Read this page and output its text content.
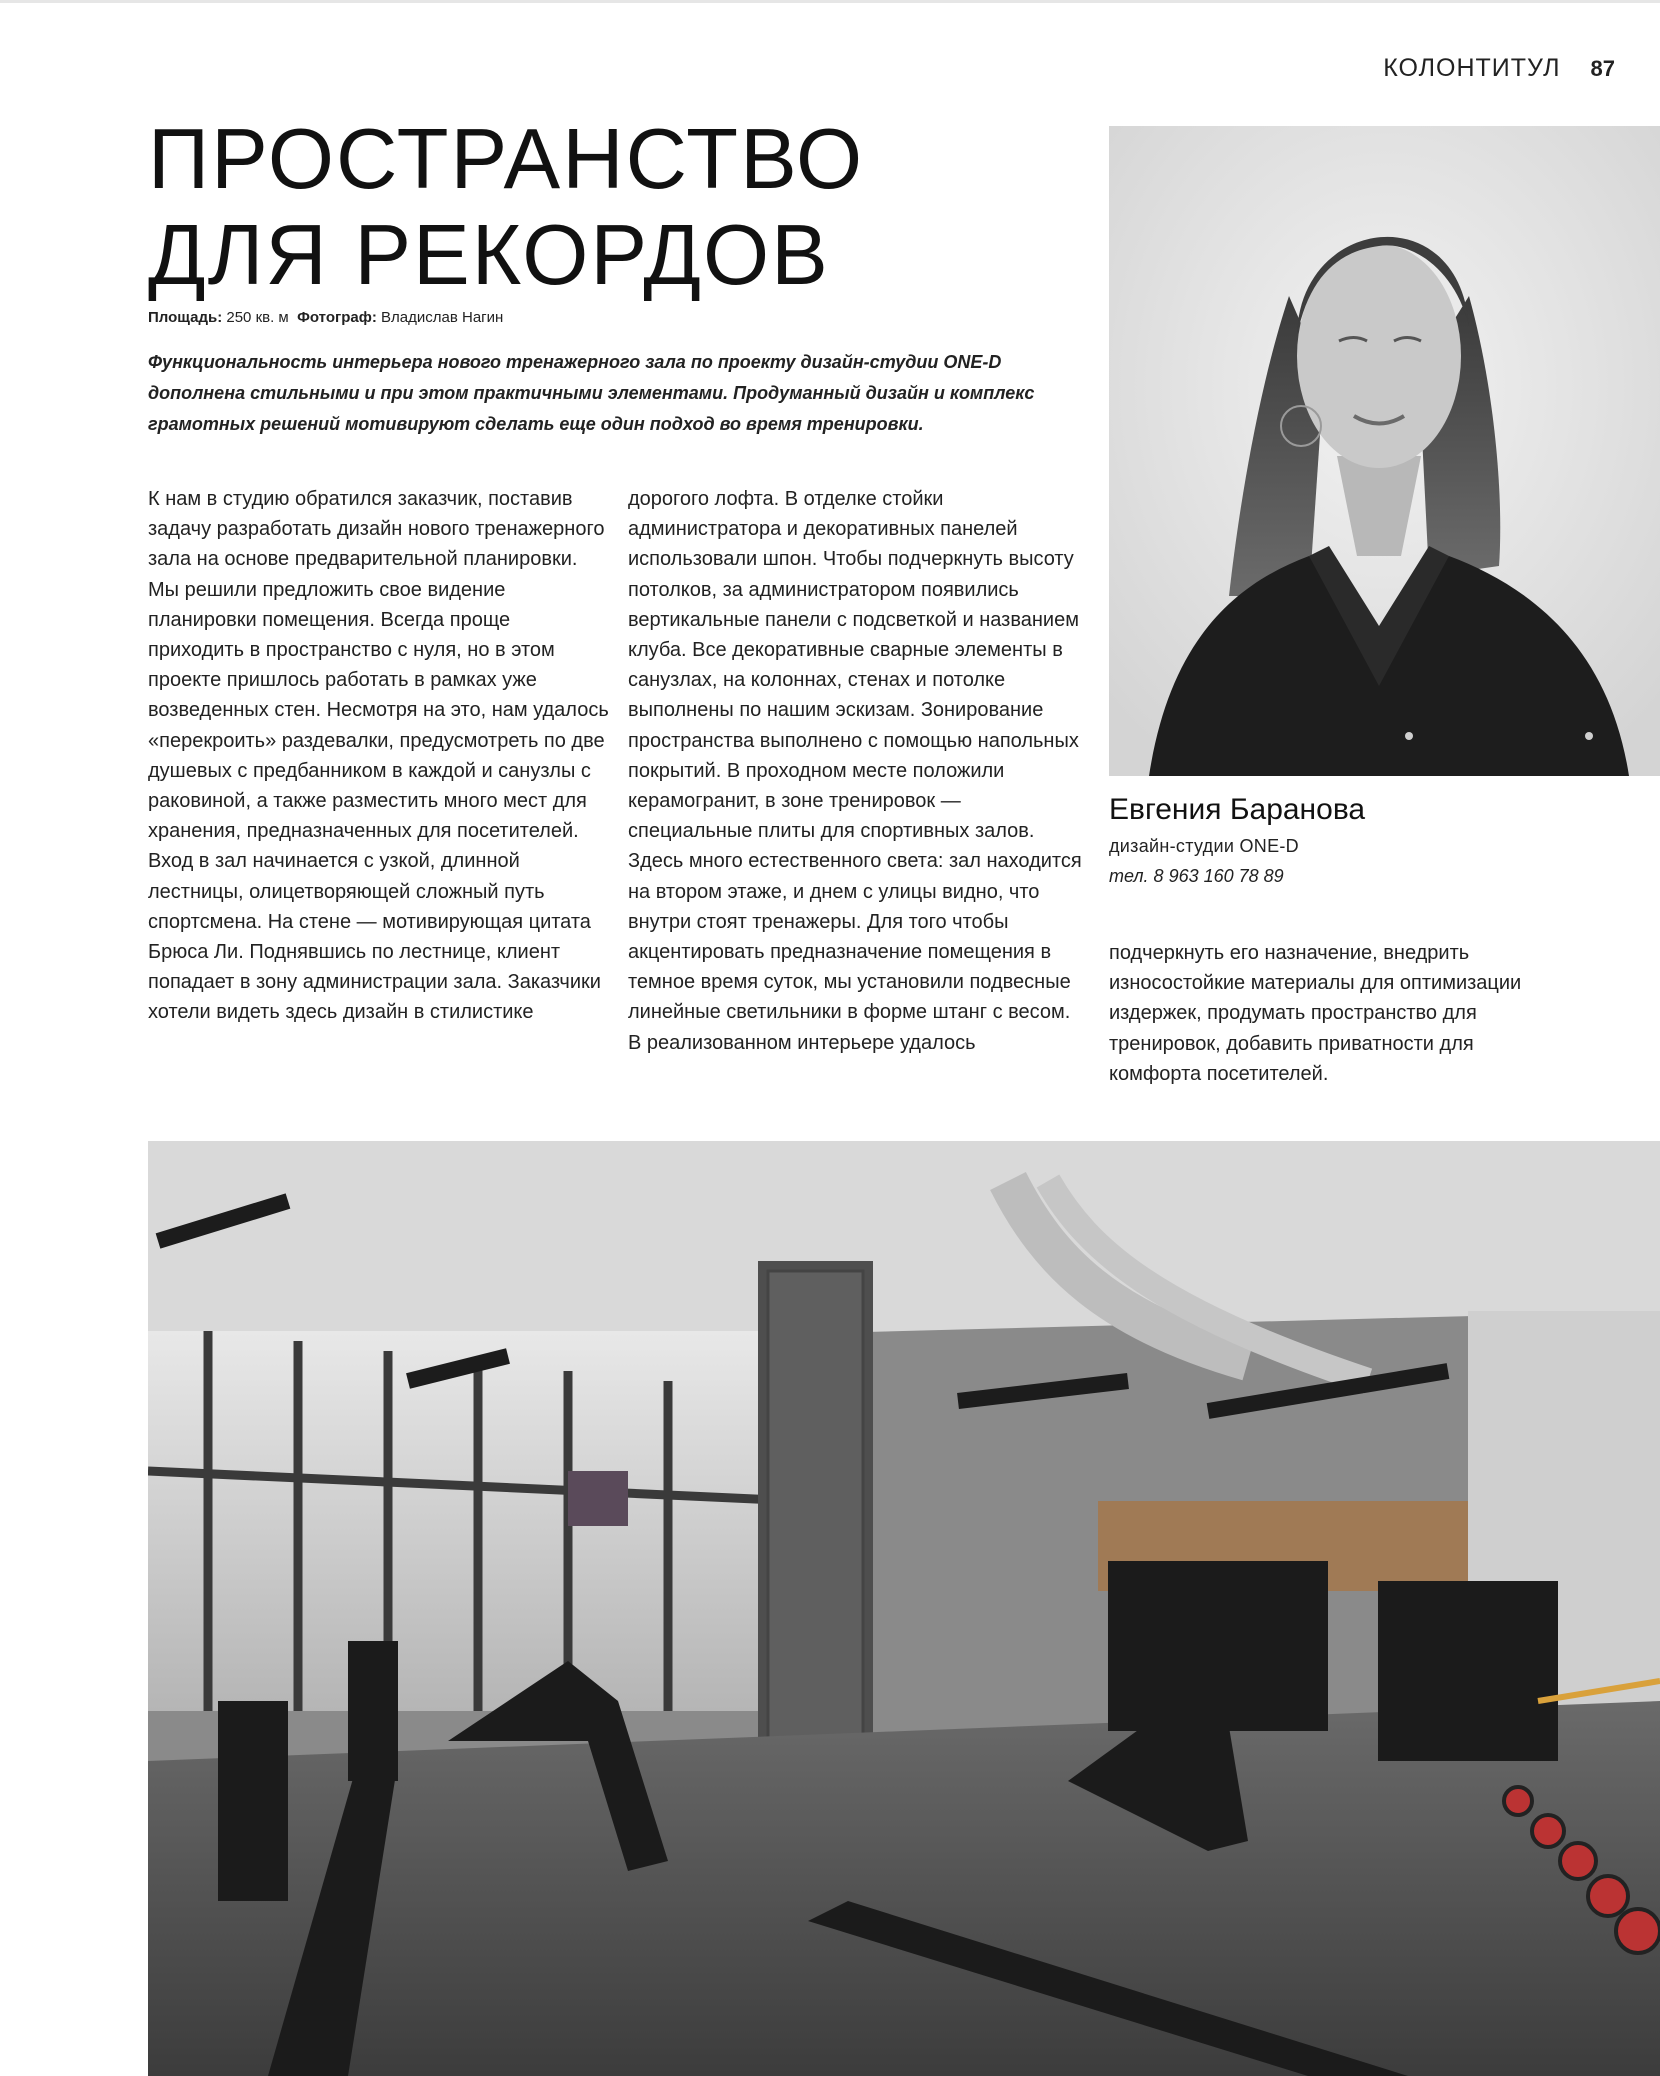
КОЛОНТИТУЛ 87
ПРОСТРАНСТВО
ДЛЯ РЕКОРДОВ
Площадь: 250 кв. м Фотограф: Владислав Нагин

Функциональность интерьера нового тренажерного зала по проекту дизайн-студии ONE-D дополнена стильными и при этом практичными элементами. Продуманный дизайн и комплекс грамотных решений мотивируют сделать еще один подход во время тренировки.

К нам в студию обратился заказчик, поставив задачу разработать дизайн нового тренажерного зала на основе предварительной планировки. Мы решили предложить свое видение планировки помещения. Всегда проще приходить в пространство с нуля, но в этом проекте пришлось работать в рамках уже возведенных стен. Несмотря на это, нам удалось «перекроить» раздевалки, предусмотреть по две душевых с предбанником в каждой и санузлы с раковиной, а также разместить много мест для хранения, предназначенных для посетителей. Вход в зал начинается с узкой, длинной лестницы, олицетворяющей сложный путь спортсмена. На стене — мотивирующая цитата Брюса Ли. Поднявшись по лестнице, клиент попадает в зону администрации зала. Заказчики хотели видеть здесь дизайн в стилистике

дорогого лофта. В отделке стойки администратора и декоративных панелей использовали шпон. Чтобы подчеркнуть высоту потолков, за администратором появились вертикальные панели с подсветкой и названием клуба. Все декоративные сварные элементы в санузлах, на колоннах, стенах и потолке выполнены по нашим эскизам. Зонирование пространства выполнено с помощью напольных покрытий. В проходном месте положили керамогранит, в зоне тренировок — специальные плиты для спортивных залов. Здесь много естественного света: зал находится на втором этаже, и днем с улицы видно, что внутри стоят тренажеры. Для того чтобы акцентировать предназначение помещения в темное время суток, мы установили подвесные линейные светильники в форме штанг с весом. В реализованном интерьере удалось

Евгения Баранова
дизайн-студии ONE-D
тел. 8 963 160 78 89

подчеркнуть его назначение, внедрить износостойкие материалы для оптимизации издержек, продумать пространство для тренировок, добавить приватности для комфорта посетителей.
